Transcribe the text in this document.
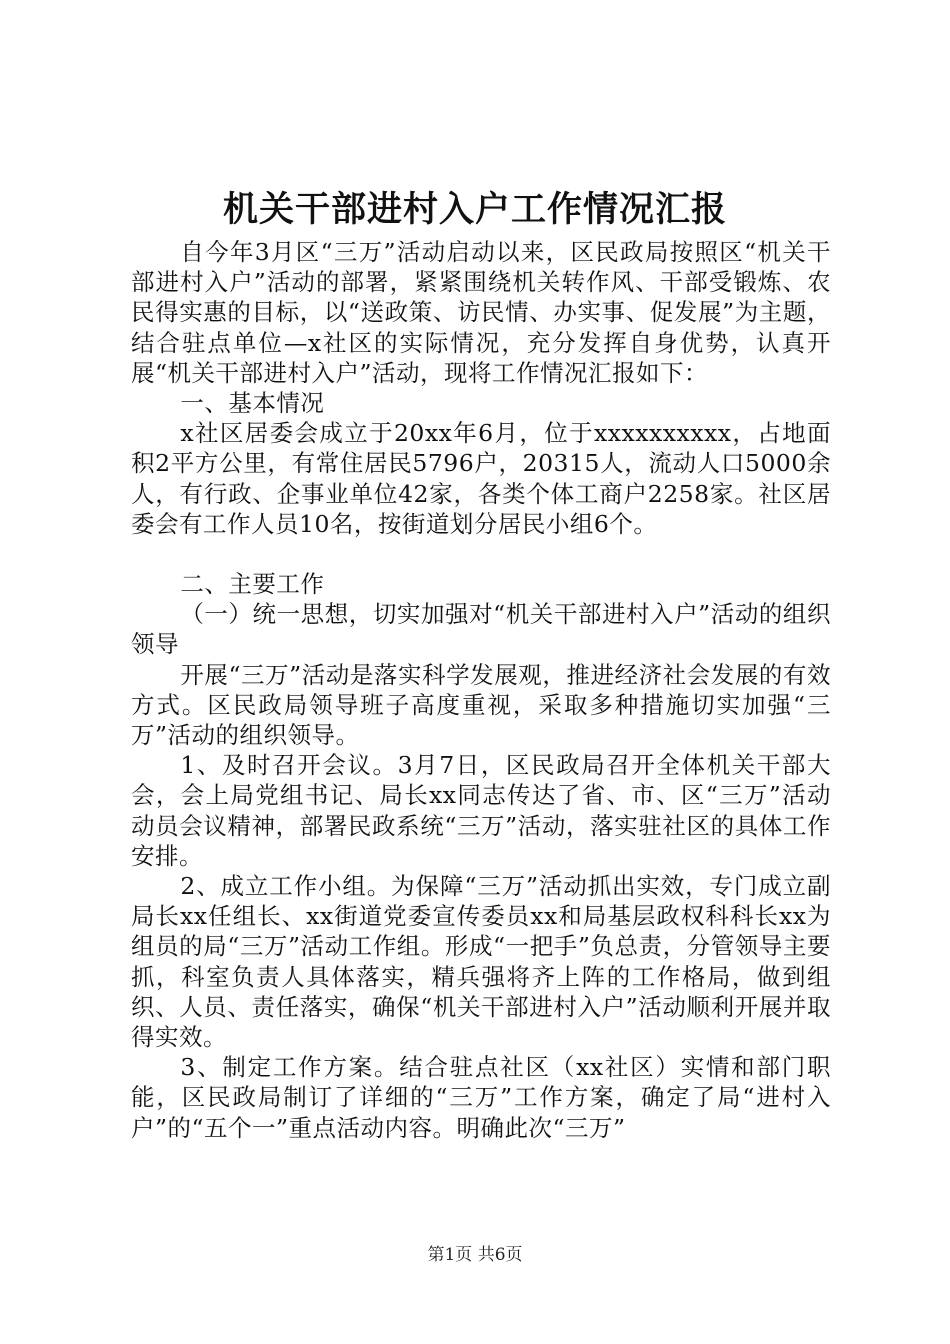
机关干部进村入户工作情况汇报

自今年3月区“三万”活动启动以来，区民政局按照区“机关干部进村入户”活动的部署，紧紧围绕机关转作风、干部受锻炼、农民得实惠的目标，以“送政策、访民情、办实事、促发展”为主题，结合驻点单位—x社区的实际情况，充分发挥自身优势，认真开展“机关干部进村入户”活动，现将工作情况汇报如下：

一、基本情况

x社区居委会成立于20xx年6月，位于xxxxxxxxxx，占地面积2平方公里，有常住居民5796户，20315人，流动人口5000余人，有行政、企事业单位42家，各类个体工商户2258家。社区居委会有工作人员10名，按街道划分居民小组6个。

二、主要工作

（一）统一思想，切实加强对“机关干部进村入户”活动的组织领导

开展“三万”活动是落实科学发展观，推进经济社会发展的有效方式。区民政局领导班子高度重视，采取多种措施切实加强“三万”活动的组织领导。

1、及时召开会议。3月7日，区民政局召开全体机关干部大会，会上局党组书记、局长xx同志传达了省、市、区“三万”活动动员会议精神，部署民政系统“三万”活动，落实驻社区的具体工作安排。

2、成立工作小组。为保障“三万”活动抓出实效，专门成立副局长xx任组长、xx街道党委宣传委员xx和局基层政权科科长xx为组员的局“三万”活动工作组。形成“一把手”负总责，分管领导主要抓，科室负责人具体落实，精兵强将齐上阵的工作格局，做到组织、人员、责任落实，确保“机关干部进村入户”活动顺利开展并取得实效。

3、制定工作方案。结合驻点社区（xx社区）实情和部门职能，区民政局制订了详细的“三万”工作方案，确定了局“进村入户”的“五个一”重点活动内容。明确此次“三万”

第1页 共6页
